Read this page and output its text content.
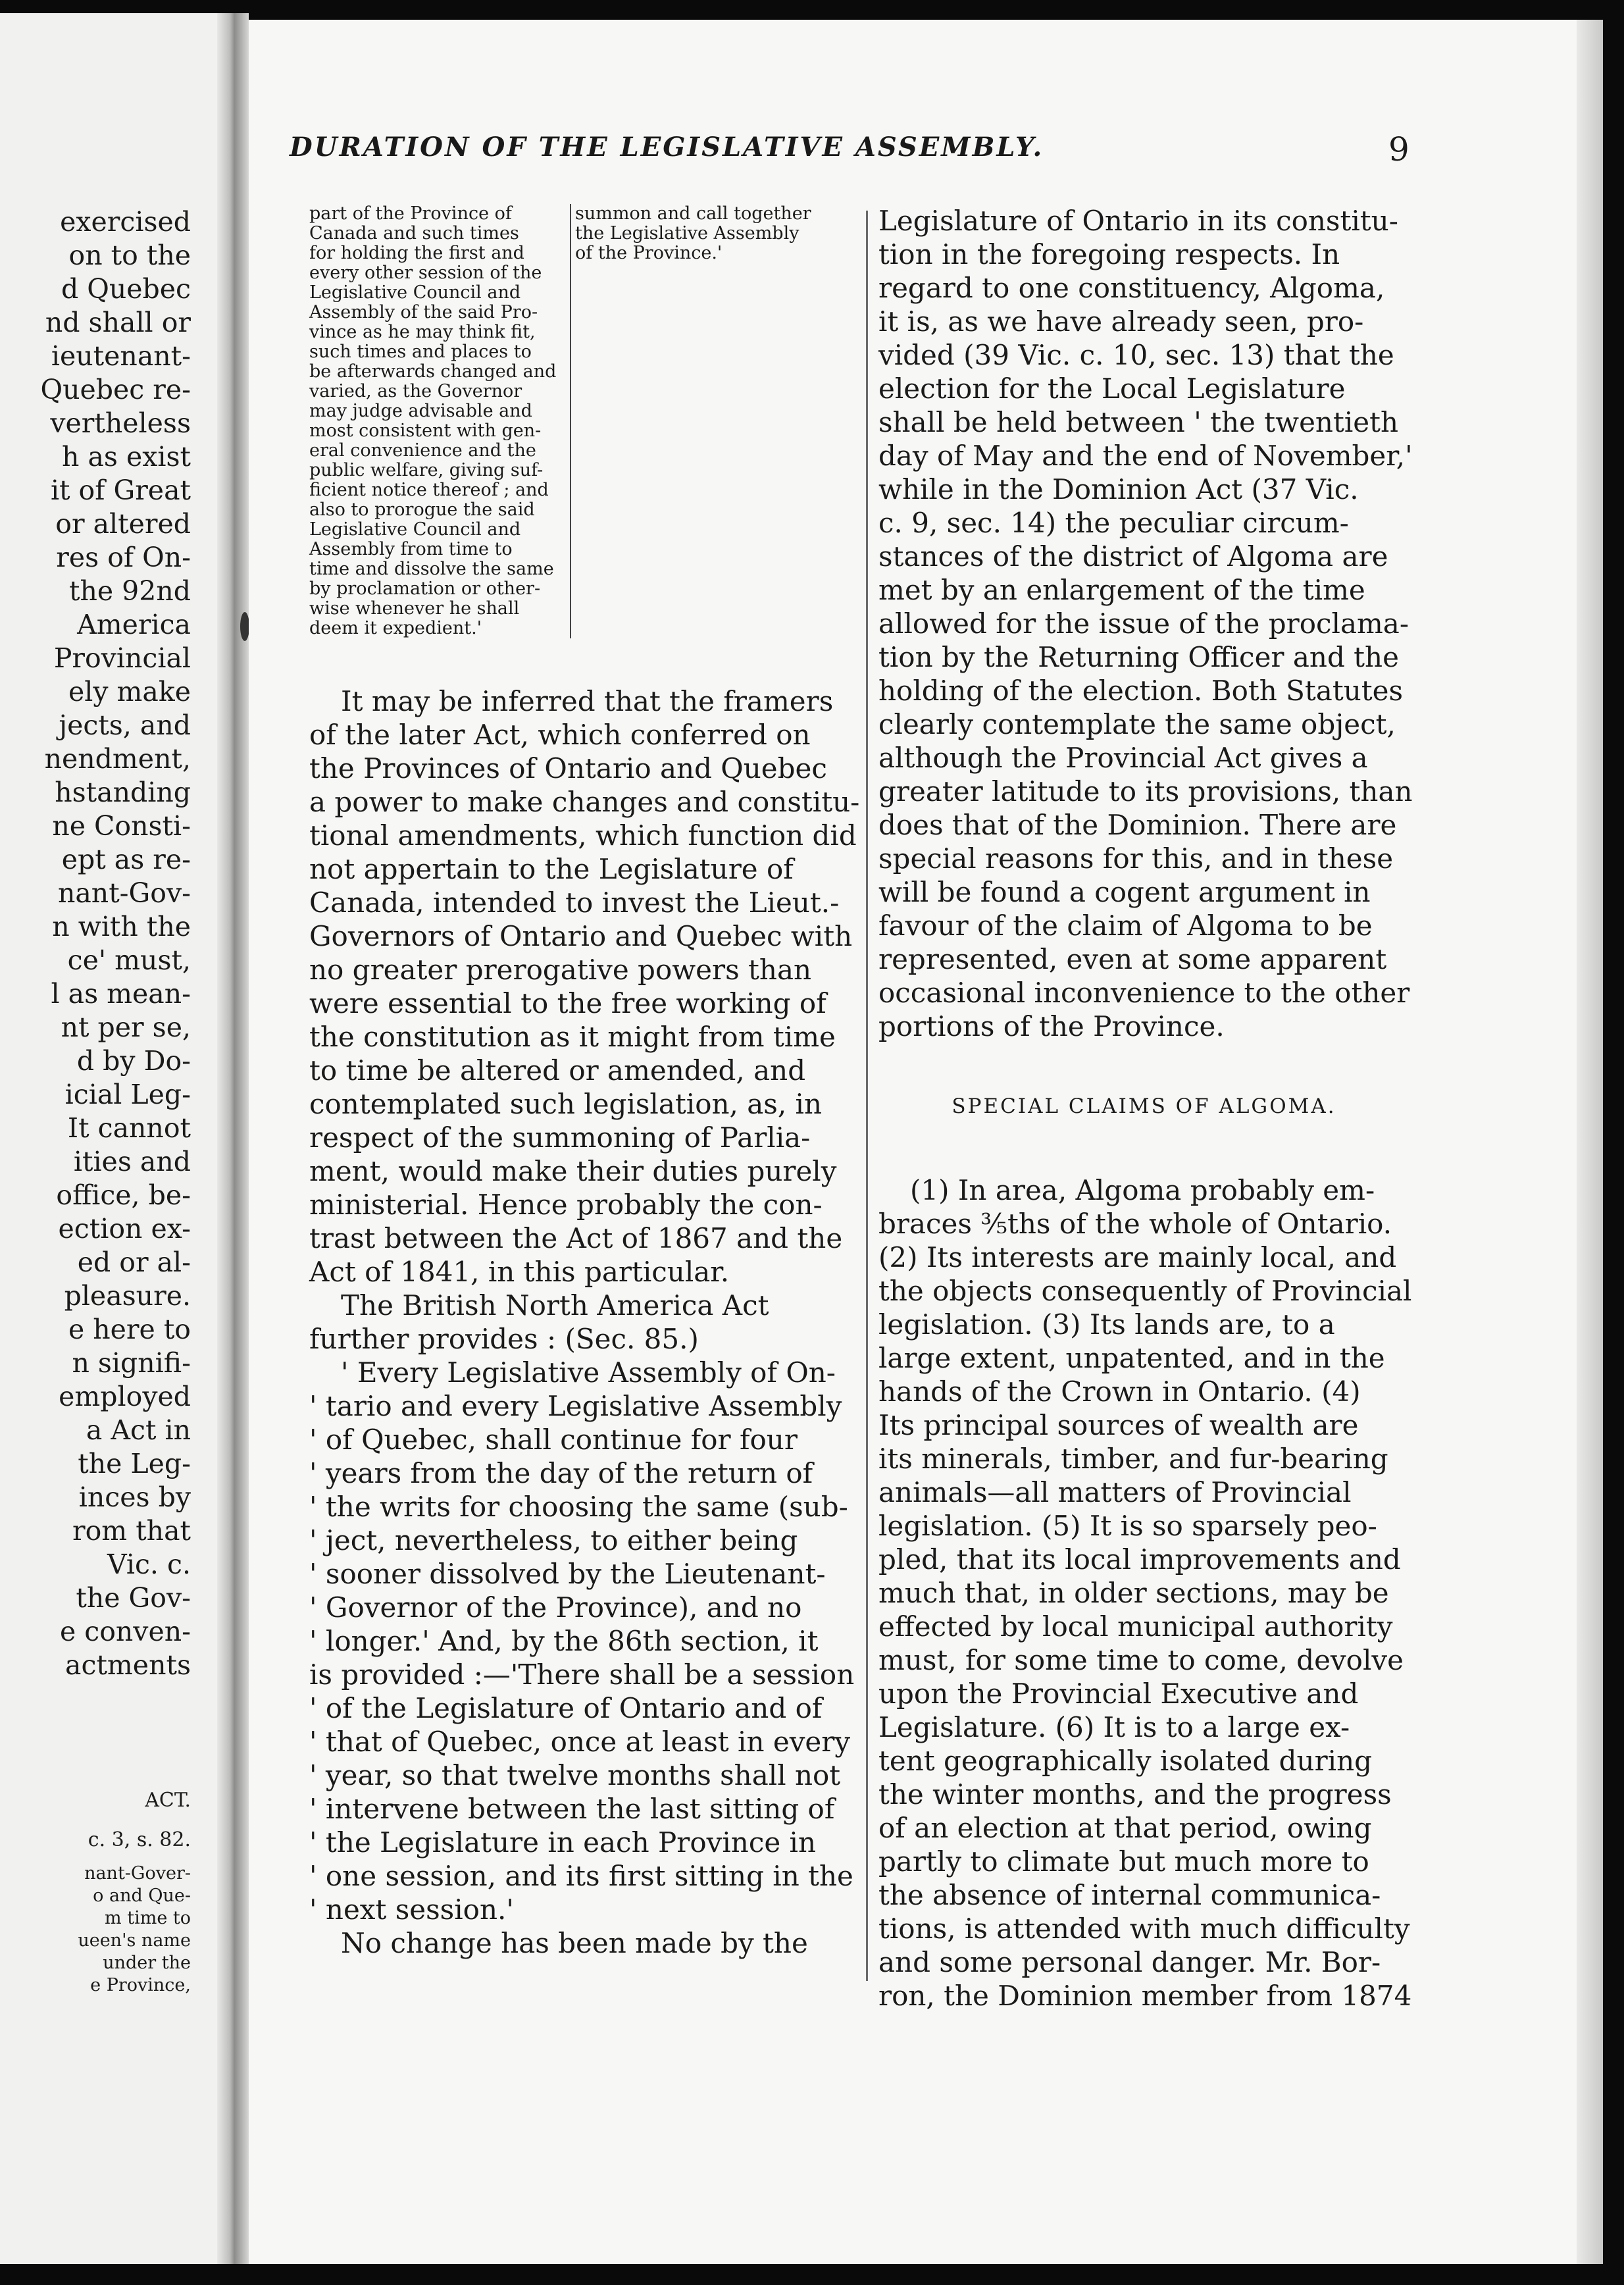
exercised
on to the
d Quebec
nd shall or
ieutenant-
Quebec re-
vertheless
h as exist
it of Great
or altered
res of On-
the 92nd
America
Provincial
ely make
jects, and
nendment,
hstanding
ne Consti-
ept as re-
nant-Gov-
n with the
ce' must,
l as mean-
nt per se,
d by Do-
icial Leg-
It cannot
ities and
office, be-
ection ex-
ed or al-
pleasure.
e here to
n signifi-
employed
a Act in
the Leg-
inces by
rom that
Vic. c.
the Gov-
e conven-
actments
ACT.
c. 3, s. 82.
nant-Gover-
o and Que-
m time to
ueen's name
under the
e Province,
DURATION OF THE LEGISLATIVE ASSEMBLY.	9
part of the Province of
Canada and such times
for holding the first and
every other session of the
Legislative Council and
Assembly of the said Pro-
vince as he may think fit,
such times and places to
be afterwards changed and
varied, as the Governor
may judge advisable and
most consistent with gen-
eral convenience and the
public welfare, giving suf-
ficient notice thereof ; and
also to prorogue the said
Legislative Council and
Assembly from time to
time and dissolve the same
by proclamation or other-
wise whenever he shall
deem it expedient.'
summon and call together
the Legislative Assembly
of the Province.'

It may be inferred that the framers
of the later Act, which conferred on
the Provinces of Ontario and Quebec
a power to make changes and constitu-
tional amendments, which function did
not appertain to the Legislature of
Canada, intended to invest the Lieut.-
Governors of Ontario and Quebec with
no greater prerogative powers than
were essential to the free working of
the constitution as it might from time
to time be altered or amended, and
contemplated such legislation, as, in
respect of the summoning of Parlia-
ment, would make their duties purely
ministerial. Hence probably the con-
trast between the Act of 1867 and the
Act of 1841, in this particular.

The British North America Act
further provides : (Sec. 85.)

' Every Legislative Assembly of On-
' tario and every Legislative Assembly
' of Quebec, shall continue for four
' years from the day of the return of
' the writs for choosing the same (sub-
' ject, nevertheless, to either being
' sooner dissolved by the Lieutenant-
' Governor of the Province), and no
' longer.' And, by the 86th section, it
is provided :—'There shall be a session
' of the Legislature of Ontario and of
' that of Quebec, once at least in every
' year, so that twelve months shall not
' intervene between the last sitting of
' the Legislature in each Province in
' one session, and its first sitting in the
' next session.'

No change has been made by the

Legislature of Ontario in its constitu-
tion in the foregoing respects. In
regard to one constituency, Algoma,
it is, as we have already seen, pro-
vided (39 Vic. c. 10, sec. 13) that the
election for the Local Legislature
shall be held between ' the twentieth
day of May and the end of November,'
while in the Dominion Act (37 Vic.
c. 9, sec. 14) the peculiar circum-
stances of the district of Algoma are
met by an enlargement of the time
allowed for the issue of the proclama-
tion by the Returning Officer and the
holding of the election. Both Statutes
clearly contemplate the same object,
although the Provincial Act gives a
greater latitude to its provisions, than
does that of the Dominion. There are
special reasons for this, and in these
will be found a cogent argument in
favour of the claim of Algoma to be
represented, even at some apparent
occasional inconvenience to the other
portions of the Province.

SPECIAL CLAIMS OF ALGOMA.

(1) In area, Algoma probably em-
braces ⅗ths of the whole of Ontario.
(2) Its interests are mainly local, and
the objects consequently of Provincial
legislation. (3) Its lands are, to a
large extent, unpatented, and in the
hands of the Crown in Ontario. (4)
Its principal sources of wealth are
its minerals, timber, and fur-bearing
animals—all matters of Provincial
legislation. (5) It is so sparsely peo-
pled, that its local improvements and
much that, in older sections, may be
effected by local municipal authority
must, for some time to come, devolve
upon the Provincial Executive and
Legislature. (6) It is to a large ex-
tent geographically isolated during
the winter months, and the progress
of an election at that period, owing
partly to climate but much more to
the absence of internal communica-
tions, is attended with much difficulty
and some personal danger. Mr. Bor-
ron, the Dominion member from 1874
